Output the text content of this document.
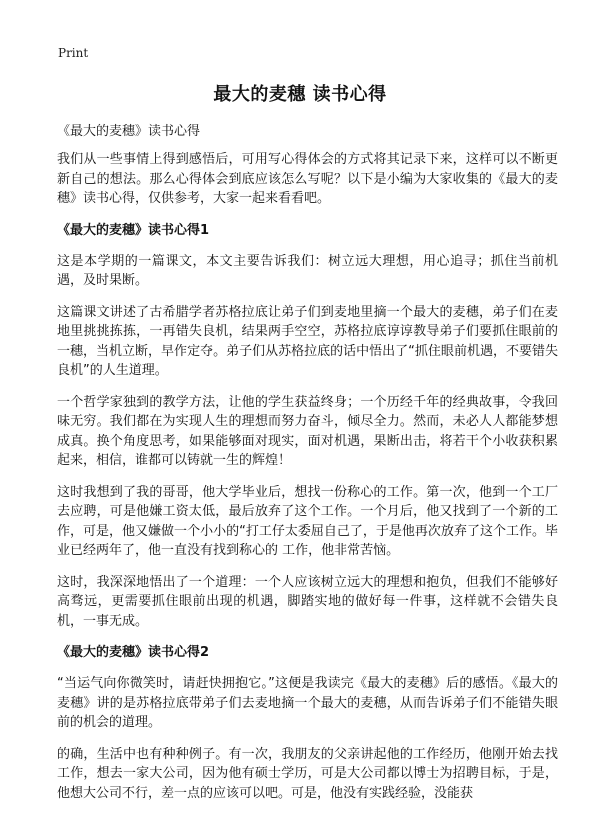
Print
最大的麦穗 读书心得

《最大的麦穗》读书心得

我们从一些事情上得到感悟后，可用写心得体会的方式将其记录下来，这样可以不断更新自己的想法。那么心得体会到底应该怎么写呢？以下是小编为大家收集的《最大的麦穗》读书心得，仅供参考，大家一起来看看吧。

《最大的麦穗》读书心得1

这是本学期的一篇课文，本文主要告诉我们：树立远大理想，用心追寻；抓住当前机遇，及时果断。

这篇课文讲述了古希腊学者苏格拉底让弟子们到麦地里摘一个最大的麦穗，弟子们在麦地里挑挑拣拣，一再错失良机，结果两手空空，苏格拉底谆谆教导弟子们要抓住眼前的一穗，当机立断，早作定夺。弟子们从苏格拉底的话中悟出了“抓住眼前机遇，不要错失良机”的人生道理。

一个哲学家独到的教学方法，让他的学生获益终身；一个历经千年的经典故事，令我回味无穷。我们都在为实现人生的理想而努力奋斗，倾尽全力。然而，未必人人都能梦想成真。换个角度思考，如果能够面对现实，面对机遇，果断出击，将若干个小收获积累起来，相信，谁都可以铸就一生的辉煌！

这时我想到了我的哥哥，他大学毕业后，想找一份称心的工作。第一次，他到一个工厂去应聘，可是他嫌工资太低，最后放弃了这个工作。一个月后，他又找到了一个新的工作，可是，他又嫌做一个小小的“打工仔太委屈自己了，于是他再次放弃了这个工作。毕业已经两年了，他一直没有找到称心的 工作，他非常苦恼。

这时，我深深地悟出了一个道理：一个人应该树立远大的理想和抱负，但我们不能够好高骛远，更需要抓住眼前出现的机遇，脚踏实地的做好每一件事，这样就不会错失良机，一事无成。

《最大的麦穗》读书心得2

“当运气向你微笑时，请赶快拥抱它。”这便是我读完《最大的麦穗》后的感悟。《最大的麦穗》讲的是苏格拉底带弟子们去麦地摘一个最大的麦穗，从而告诉弟子们不能错失眼前的机会的道理。

的确，生活中也有种种例子。有一次，我朋友的父亲讲起他的工作经历，他刚开始去找工作，想去一家大公司，因为他有硕士学历，可是大公司都以博士为招聘目标，于是，他想大公司不行，差一点的应该可以吧。可是，他没有实践经验，没能获
